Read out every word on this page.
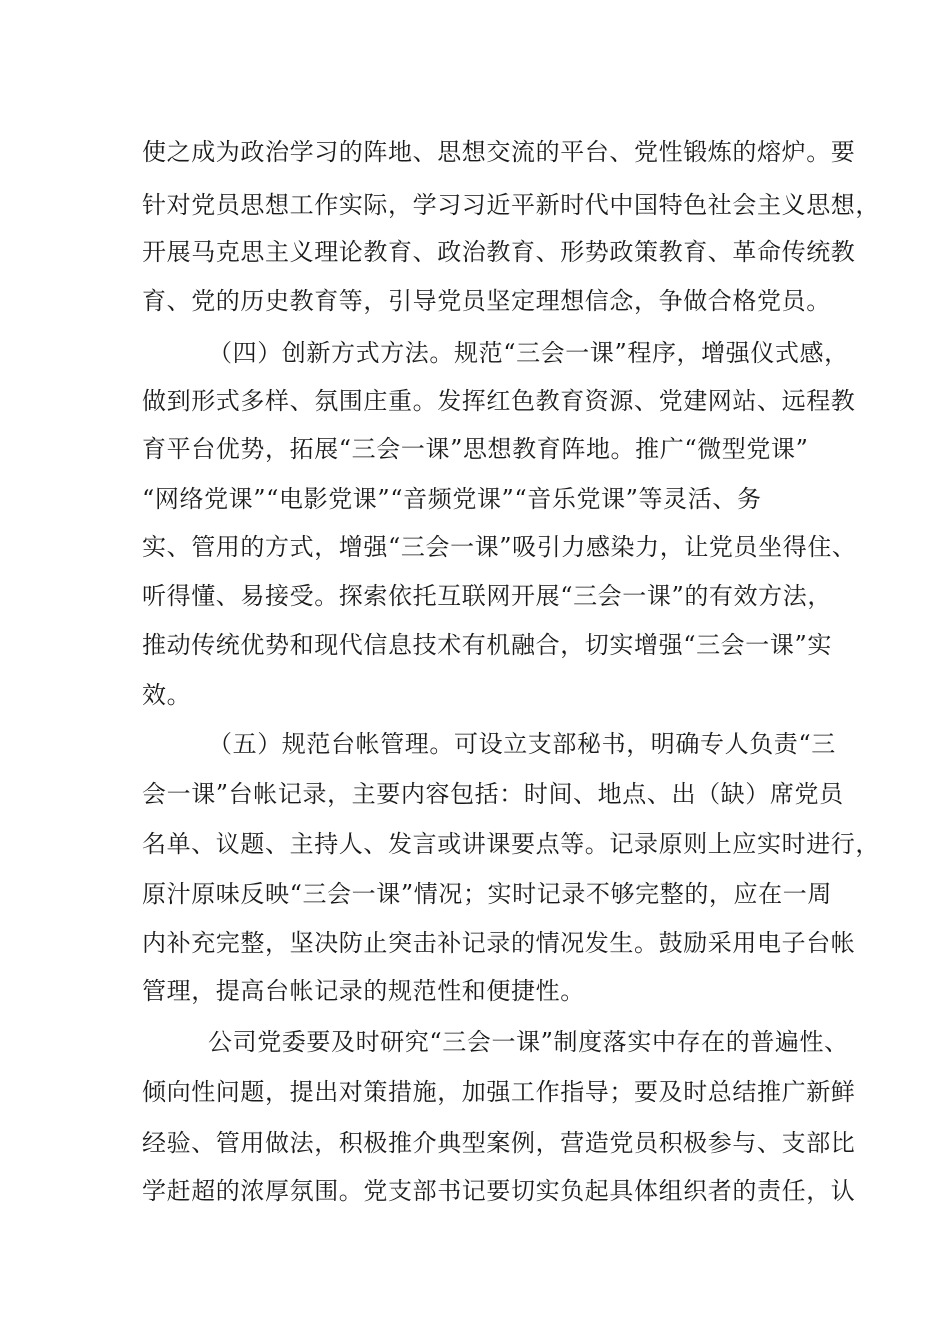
使之成为政治学习的阵地、思想交流的平台、党性锻炼的熔炉。要
针对党员思想工作实际，学习习近平新时代中国特色社会主义思想，
开展马克思主义理论教育、政治教育、形势政策教育、革命传统教
育、党的历史教育等，引导党员坚定理想信念，争做合格党员。
（四）创新方式方法。规范“三会一课”程序，增强仪式感，
做到形式多样、氛围庄重。发挥红色教育资源、党建网站、远程教
育平台优势，拓展“三会一课”思想教育阵地。推广“微型党课”
“网络党课”“电影党课”“音频党课”“音乐党课”等灵活、务
实、管用的方式，增强“三会一课”吸引力感染力，让党员坐得住、
听得懂、易接受。探索依托互联网开展“三会一课”的有效方法，
推动传统优势和现代信息技术有机融合，切实增强“三会一课”实
效。
（五）规范台帐管理。可设立支部秘书，明确专人负责“三
会一课”台帐记录，主要内容包括：时间、地点、出（缺）席党员
名单、议题、主持人、发言或讲课要点等。记录原则上应实时进行，
原汁原味反映“三会一课”情况；实时记录不够完整的，应在一周
内补充完整，坚决防止突击补记录的情况发生。鼓励采用电子台帐
管理，提高台帐记录的规范性和便捷性。
公司党委要及时研究“三会一课”制度落实中存在的普遍性、
倾向性问题，提出对策措施，加强工作指导；要及时总结推广新鲜
经验、管用做法，积极推介典型案例，营造党员积极参与、支部比
学赶超的浓厚氛围。党支部书记要切实负起具体组织者的责任，认
